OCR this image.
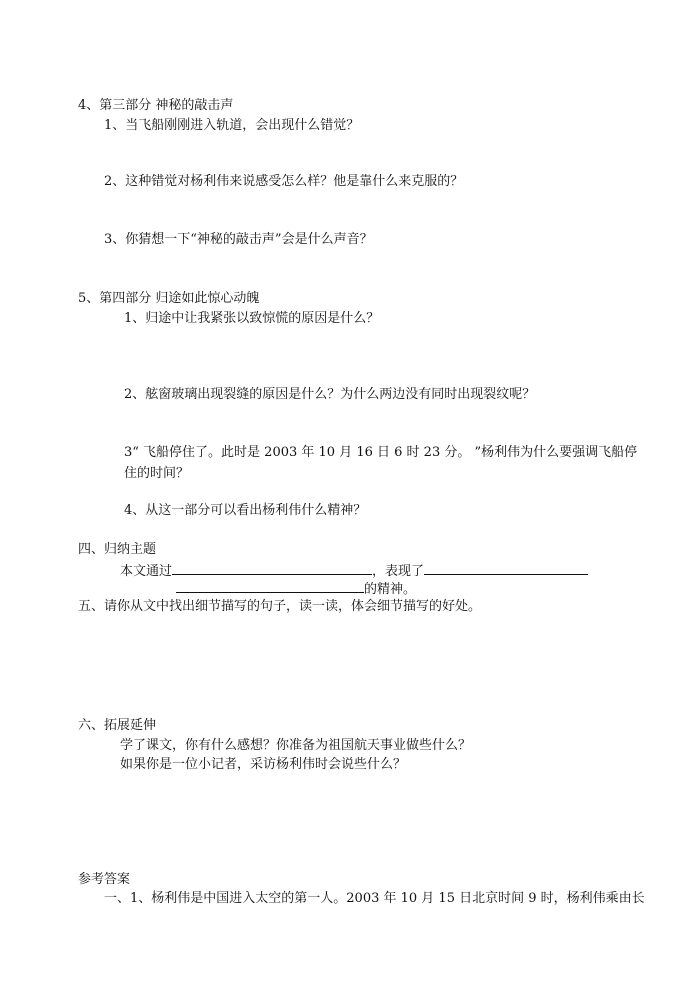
4、第三部分 神秘的敲击声
1、当飞船刚刚进入轨道，会出现什么错觉？
2、这种错觉对杨利伟来说感受怎么样？他是靠什么来克服的？
3、你猜想一下“神秘的敲击声”会是什么声音？
5、第四部分 归途如此惊心动魄
1、归途中让我紧张以致惊慌的原因是什么？
2、舷窗玻璃出现裂缝的原因是什么？为什么两边没有同时出现裂纹呢？
3“ 飞船停住了。此时是 2003 年 10 月 16 日 6 时 23 分。 ”杨利伟为什么要强调飞船停
住的时间？
4、从这一部分可以看出杨利伟什么精神？
四、归纳主题
本文通过	，表现了
的精神。
五、请你从文中找出细节描写的句子，读一读，体会细节描写的好处。
六、拓展延伸
学了课文，你有什么感想？你准备为祖国航天事业做些什么？
如果你是一位小记者，采访杨利伟时会说些什么？
参考答案
一、1、杨利伟是中国进入太空的第一人。2003 年 10 月 15 日北京时间 9 时，杨利伟乘由长
